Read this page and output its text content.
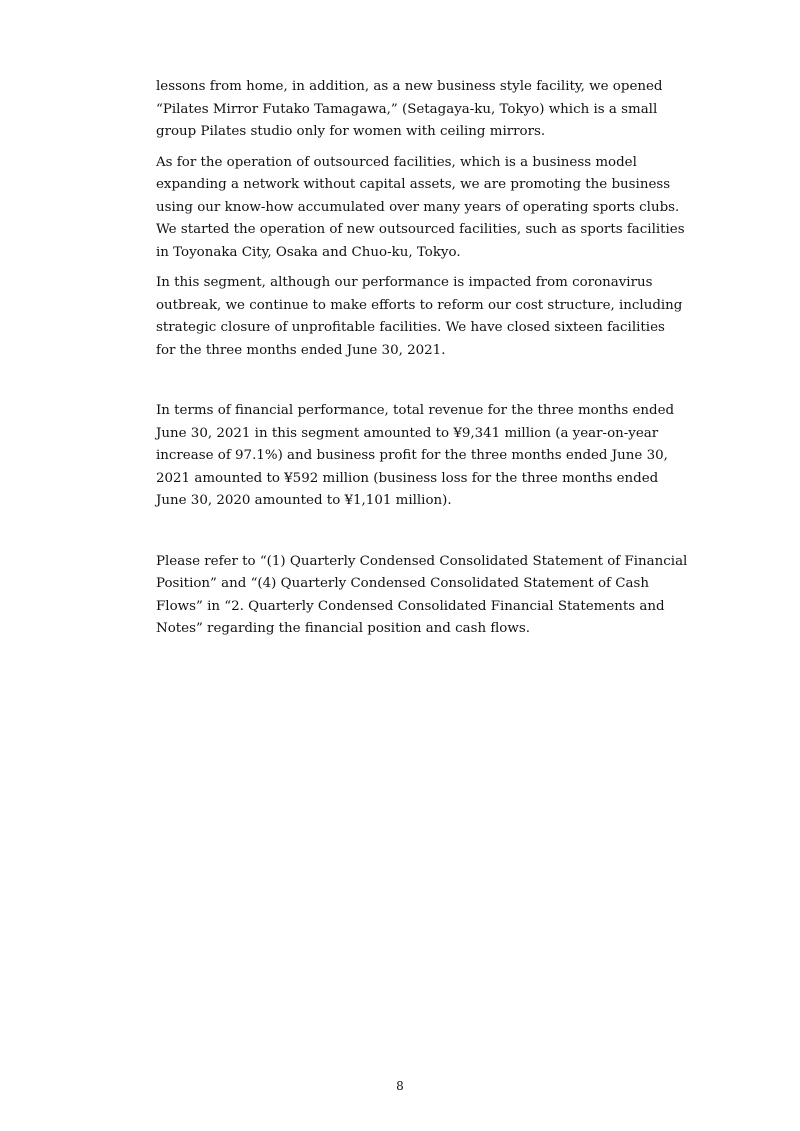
lessons from home, in addition, as a new business style facility, we opened “Pilates Mirror Futako Tamagawa,” (Setagaya-ku, Tokyo) which is a small group Pilates studio only for women with ceiling mirrors.

As for the operation of outsourced facilities, which is a business model expanding a network without capital assets, we are promoting the business using our know-how accumulated over many years of operating sports clubs. We started the operation of new outsourced facilities, such as sports facilities in Toyonaka City, Osaka and Chuo-ku, Tokyo.

In this segment, although our performance is impacted from coronavirus outbreak, we continue to make efforts to reform our cost structure, including strategic closure of unprofitable facilities. We have closed sixteen facilities for the three months ended June 30, 2021.

In terms of financial performance, total revenue for the three months ended June 30, 2021 in this segment amounted to ¥9,341 million (a year-on-year increase of 97.1%) and business profit for the three months ended June 30, 2021 amounted to ¥592 million (business loss for the three months ended June 30, 2020 amounted to ¥1,101 million).

Please refer to “(1) Quarterly Condensed Consolidated Statement of Financial Position” and “(4) Quarterly Condensed Consolidated Statement of Cash Flows” in “2. Quarterly Condensed Consolidated Financial Statements and Notes” regarding the financial position and cash flows.

8
